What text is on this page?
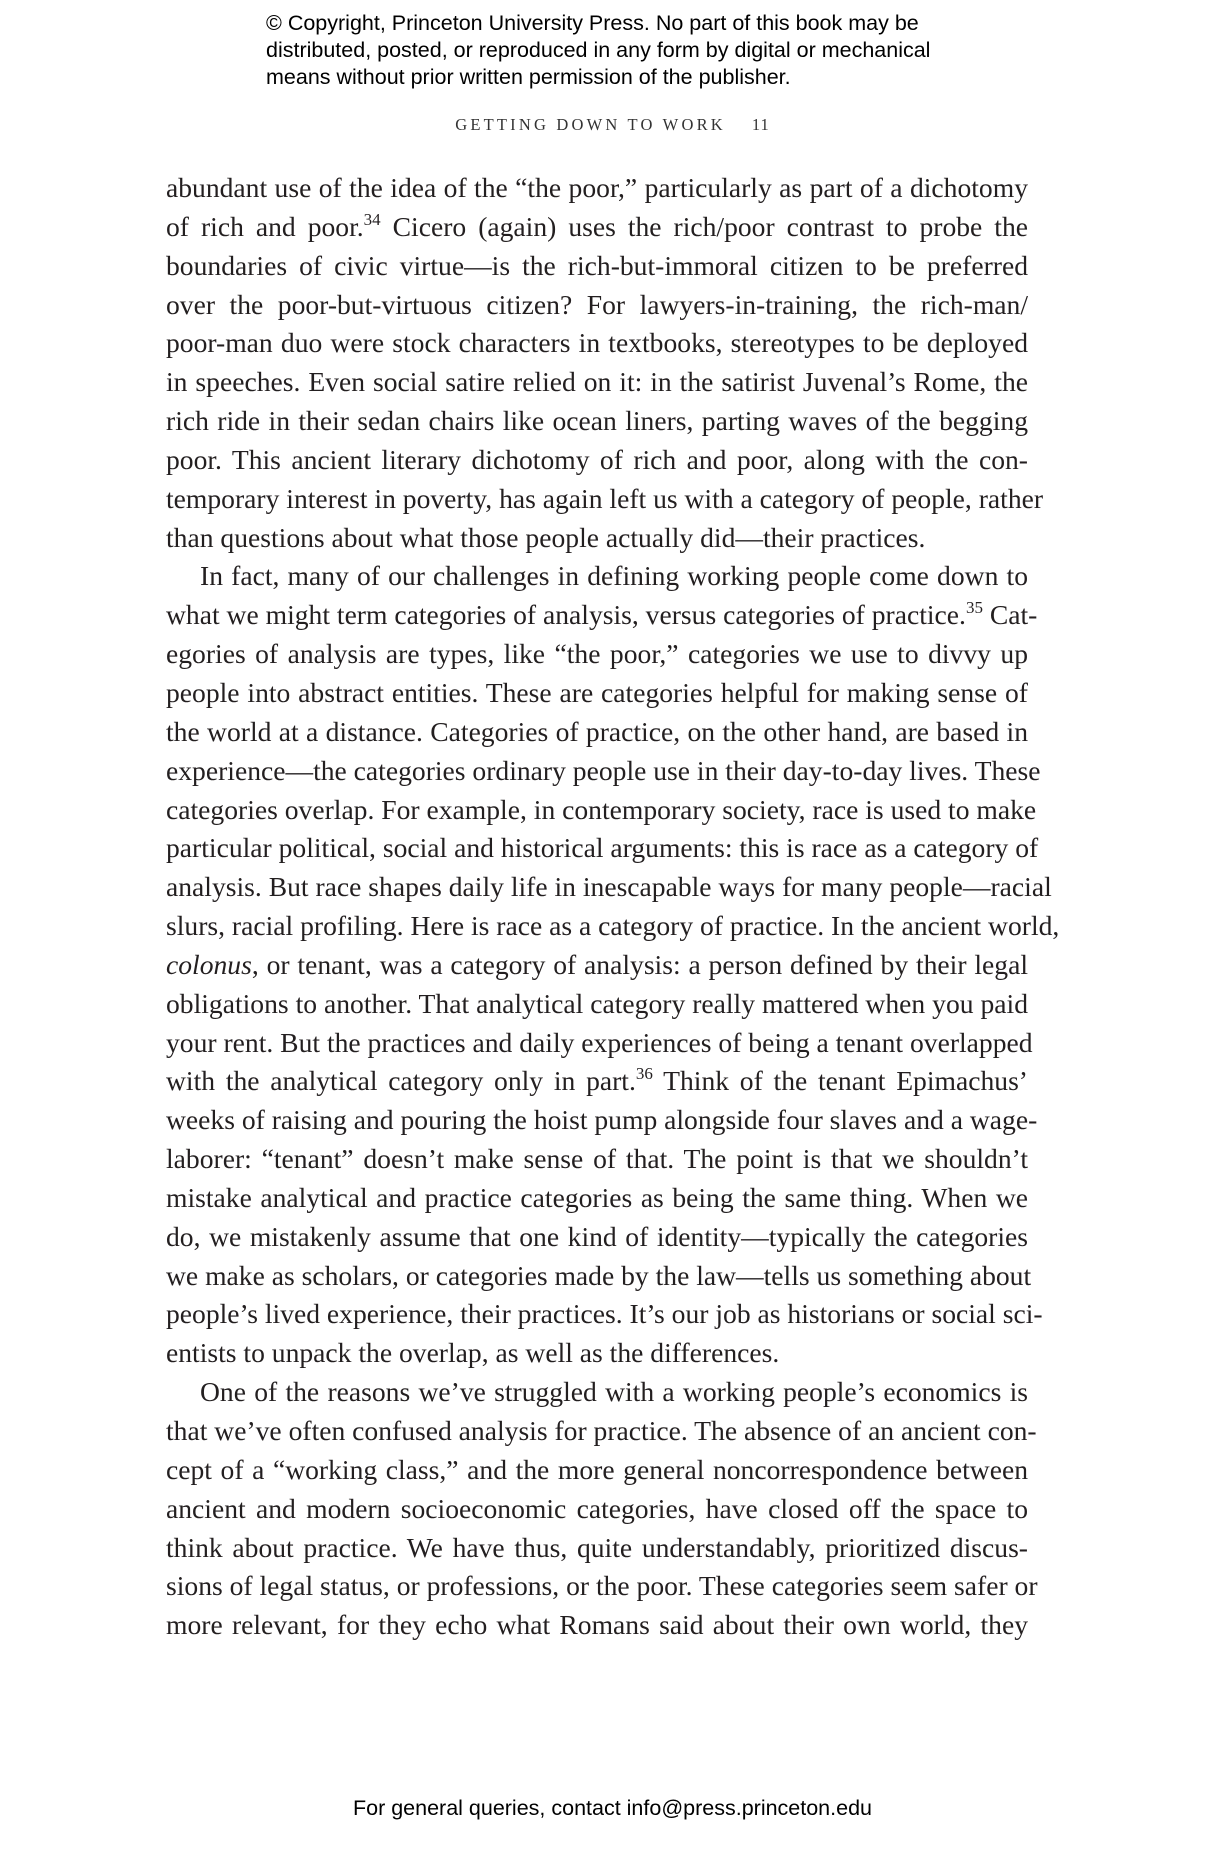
© Copyright, Princeton University Press. No part of this book may be
distributed, posted, or reproduced in any form by digital or mechanical
means without prior written permission of the publisher.
GETTING DOWN TO WORK 11
abundant use of the idea of the “the poor,” particularly as part of a dichotomy
of rich and poor.$^{34}$ Cicero (again) uses the rich/poor contrast to probe the
boundaries of civic virtue—is the rich-but-immoral citizen to be preferred
over the poor-but-virtuous citizen? For lawyers-in-training, the rich-man/
poor-man duo were stock characters in textbooks, stereotypes to be deployed
in speeches. Even social satire relied on it: in the satirist Juvenal’s Rome, the
rich ride in their sedan chairs like ocean liners, parting waves of the begging
poor. This ancient literary dichotomy of rich and poor, along with the con-
temporary interest in poverty, has again left us with a category of people, rather
than questions about what those people actually did—their practices.
In fact, many of our challenges in defining working people come down to
what we might term categories of analysis, versus categories of practice.$^{35}$ Cat-
egories of analysis are types, like “the poor,” categories we use to divvy up
people into abstract entities. These are categories helpful for making sense of
the world at a distance. Categories of practice, on the other hand, are based in
experience—the categories ordinary people use in their day-to-day lives. These
categories overlap. For example, in contemporary society, race is used to make
particular political, social and historical arguments: this is race as a category of
analysis. But race shapes daily life in inescapable ways for many people—racial
slurs, racial profiling. Here is race as a category of practice. In the ancient world,
colonus, or tenant, was a category of analysis: a person defined by their legal
obligations to another. That analytical category really mattered when you paid
your rent. But the practices and daily experiences of being a tenant overlapped
with the analytical category only in part.$^{36}$ Think of the tenant Epimachus’
weeks of raising and pouring the hoist pump alongside four slaves and a wage-
laborer: “tenant” doesn’t make sense of that. The point is that we shouldn’t
mistake analytical and practice categories as being the same thing. When we
do, we mistakenly assume that one kind of identity—typically the categories
we make as scholars, or categories made by the law—tells us something about
people’s lived experience, their practices. It’s our job as historians or social sci-
entists to unpack the overlap, as well as the differences.
One of the reasons we’ve struggled with a working people’s economics is
that we’ve often confused analysis for practice. The absence of an ancient con-
cept of a “working class,” and the more general noncorrespondence between
ancient and modern socioeconomic categories, have closed off the space to
think about practice. We have thus, quite understandably, prioritized discus-
sions of legal status, or professions, or the poor. These categories seem safer or
more relevant, for they echo what Romans said about their own world, they
For general queries, contact info@press.princeton.edu
